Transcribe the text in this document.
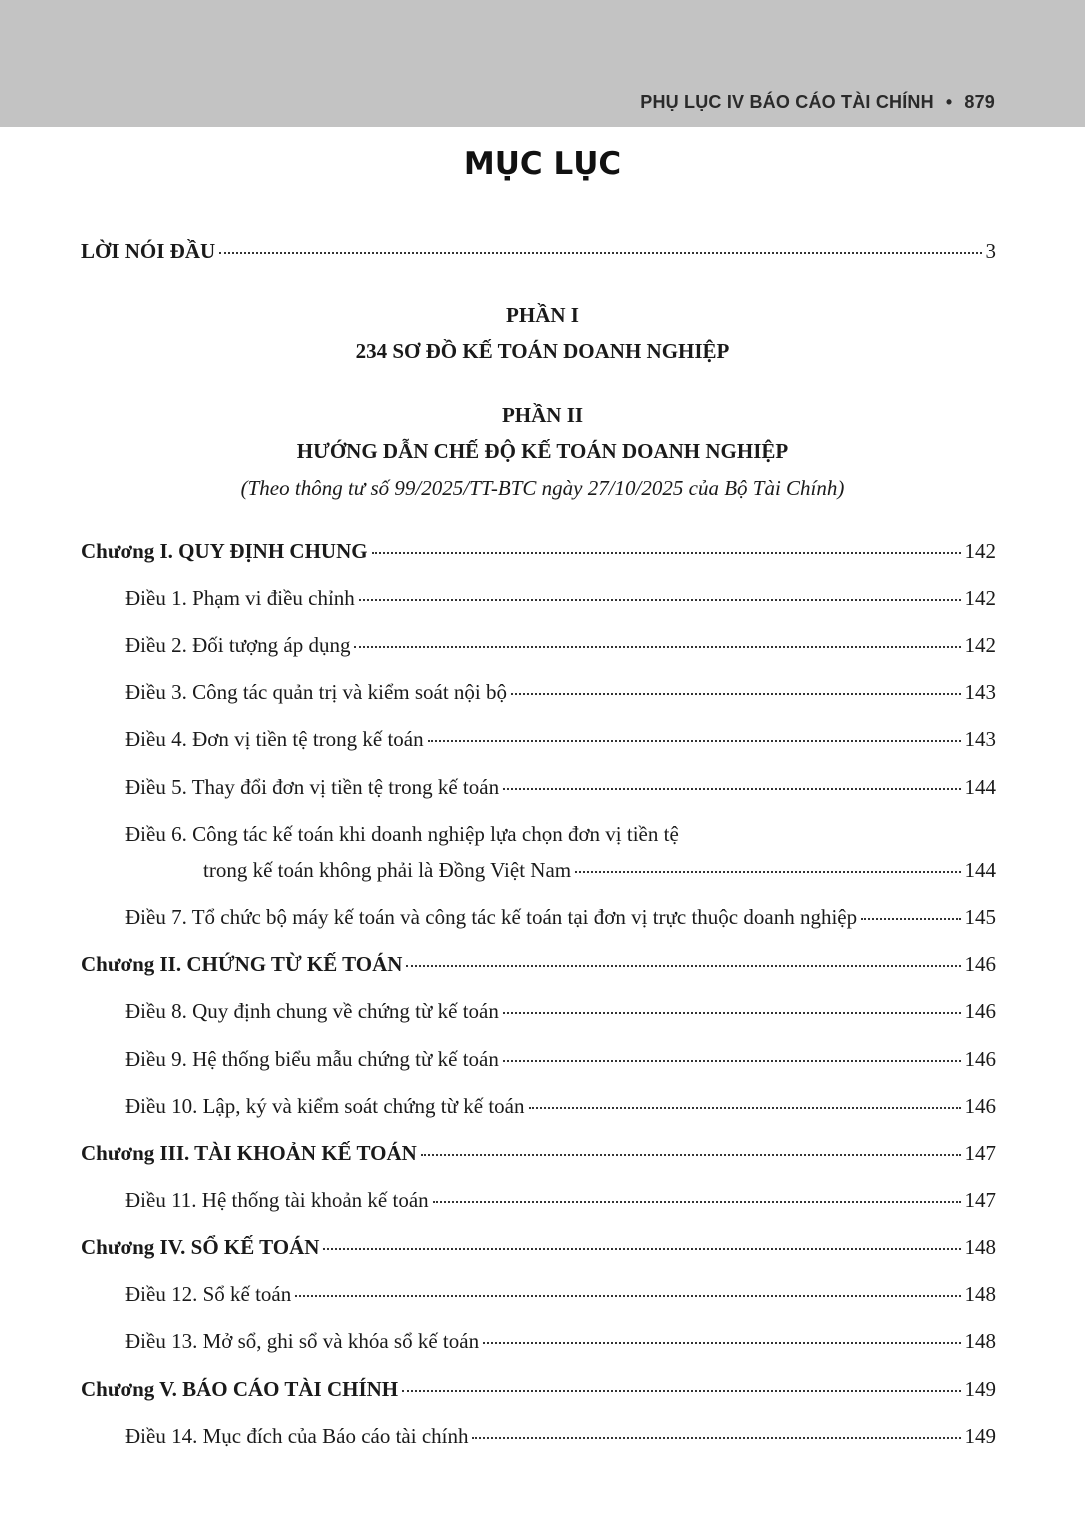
PHỤ LỤC IV BÁO CÁO TÀI CHÍNH • 879
MỤC LỤC
LỜI NÓI ĐẦU	3
PHẦN I
234 SƠ ĐỒ KẾ TOÁN DOANH NGHIỆP
PHẦN II
HƯỚNG DẪN CHẾ ĐỘ KẾ TOÁN DOANH NGHIỆP
(Theo thông tư số 99/2025/TT-BTC ngày 27/10/2025 của Bộ Tài Chính)
Chương I. QUY ĐỊNH CHUNG	142
Điều 1. Phạm vi điều chỉnh	142
Điều 2. Đối tượng áp dụng	142
Điều 3. Công tác quản trị và kiểm soát nội bộ	143
Điều 4. Đơn vị tiền tệ trong kế toán	143
Điều 5. Thay đổi đơn vị tiền tệ trong kế toán	144
Điều 6. Công tác kế toán khi doanh nghiệp lựa chọn đơn vị tiền tệ
trong kế toán không phải là Đồng Việt Nam	144
Điều 7. Tổ chức bộ máy kế toán và công tác kế toán tại đơn vị trực thuộc doanh nghiệp	145
Chương II. CHỨNG TỪ KẾ TOÁN	146
Điều 8. Quy định chung về chứng từ kế toán	146
Điều 9. Hệ thống biểu mẫu chứng từ kế toán	146
Điều 10. Lập, ký và kiểm soát chứng từ kế toán	146
Chương III. TÀI KHOẢN KẾ TOÁN	147
Điều 11. Hệ thống tài khoản kế toán	147
Chương IV. SỔ KẾ TOÁN	148
Điều 12. Sổ kế toán	148
Điều 13. Mở sổ, ghi sổ và khóa sổ kế toán	148
Chương V. BÁO CÁO TÀI CHÍNH	149
Điều 14. Mục đích của Báo cáo tài chính	149
